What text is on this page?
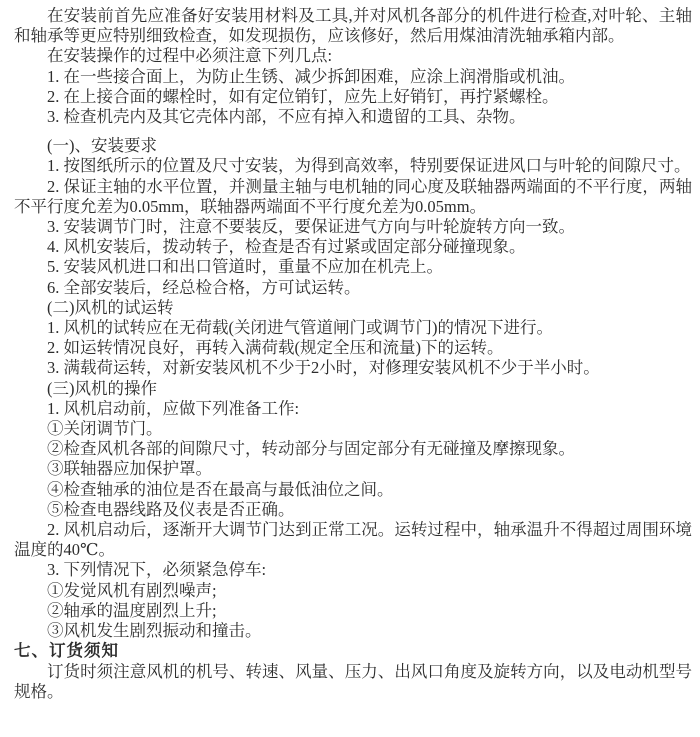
在安装前首先应准备好安装用材料及工具,并对风机各部分的机件进行检查,对叶轮、主轴和轴承等更应特别细致检查，如发现损伤，应该修好，然后用煤油清洗轴承箱内部。

在安装操作的过程中必须注意下列几点:

1. 在一些接合面上，为防止生锈、减少拆卸困难，应涂上润滑脂或机油。

2. 在上接合面的螺栓时，如有定位销钉，应先上好销钉，再拧紧螺栓。

3. 检查机壳内及其它壳体内部，不应有掉入和遗留的工具、杂物。

(一)、安装要求

1. 按图纸所示的位置及尺寸安装，为得到高效率，特别要保证进风口与叶轮的间隙尺寸。

2. 保证主轴的水平位置，并测量主轴与电机轴的同心度及联轴器两端面的不平行度，两轴不平行度允差为0.05mm，联轴器两端面不平行度允差为0.05mm。

3. 安装调节门时，注意不要装反，要保证进气方向与叶轮旋转方向一致。

4. 风机安装后，拨动转子，检查是否有过紧或固定部分碰撞现象。

5. 安装风机进口和出口管道时，重量不应加在机壳上。

6. 全部安装后，经总检合格，方可试运转。

(二)风机的试运转

1. 风机的试转应在无荷载(关闭进气管道闸门或调节门)的情况下进行。

2. 如运转情况良好，再转入满荷载(规定全压和流量)下的运转。

3. 满载荷运转，对新安装风机不少于2小时，对修理安装风机不少于半小时。

(三)风机的操作

1. 风机启动前，应做下列准备工作:

①关闭调节门。

②检查风机各部的间隙尺寸，转动部分与固定部分有无碰撞及摩擦现象。

③联轴器应加保护罩。

④检查轴承的油位是否在最高与最低油位之间。

⑤检查电器线路及仪表是否正确。

2. 风机启动后，逐渐开大调节门达到正常工况。运转过程中，轴承温升不得超过周围环境温度的40℃。

3. 下列情况下，必须紧急停车:

①发觉风机有剧烈噪声;

②轴承的温度剧烈上升;

③风机发生剧烈振动和撞击。

七、订货须知

订货时须注意风机的机号、转速、风量、压力、出风口角度及旋转方向，以及电动机型号规格。
